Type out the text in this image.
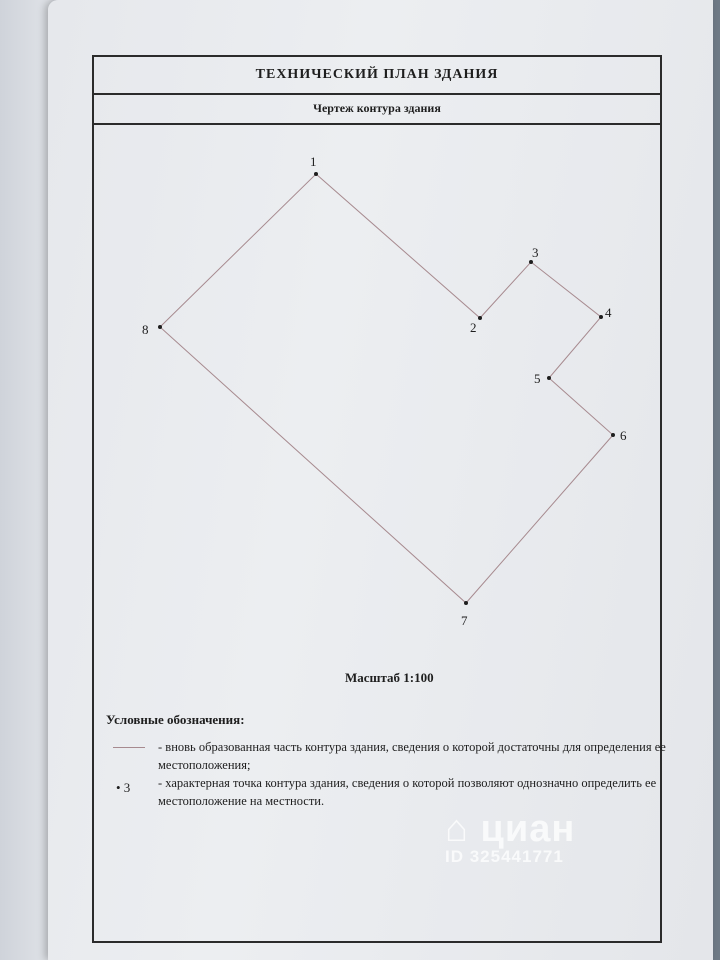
ТЕХНИЧЕСКИЙ ПЛАН ЗДАНИЯ
Чертеж контура здания
1
2
3
4
5
6
7
8
Масштаб 1:100
Условные обозначения:
- вновь образованная часть контура здания, сведения о которой достаточны для определения ее местоположения;
• 3 - характерная точка контура здания, сведения о которой позволяют однозначно определить ее местоположение на местности.
⌂ циан
ID 325441771
